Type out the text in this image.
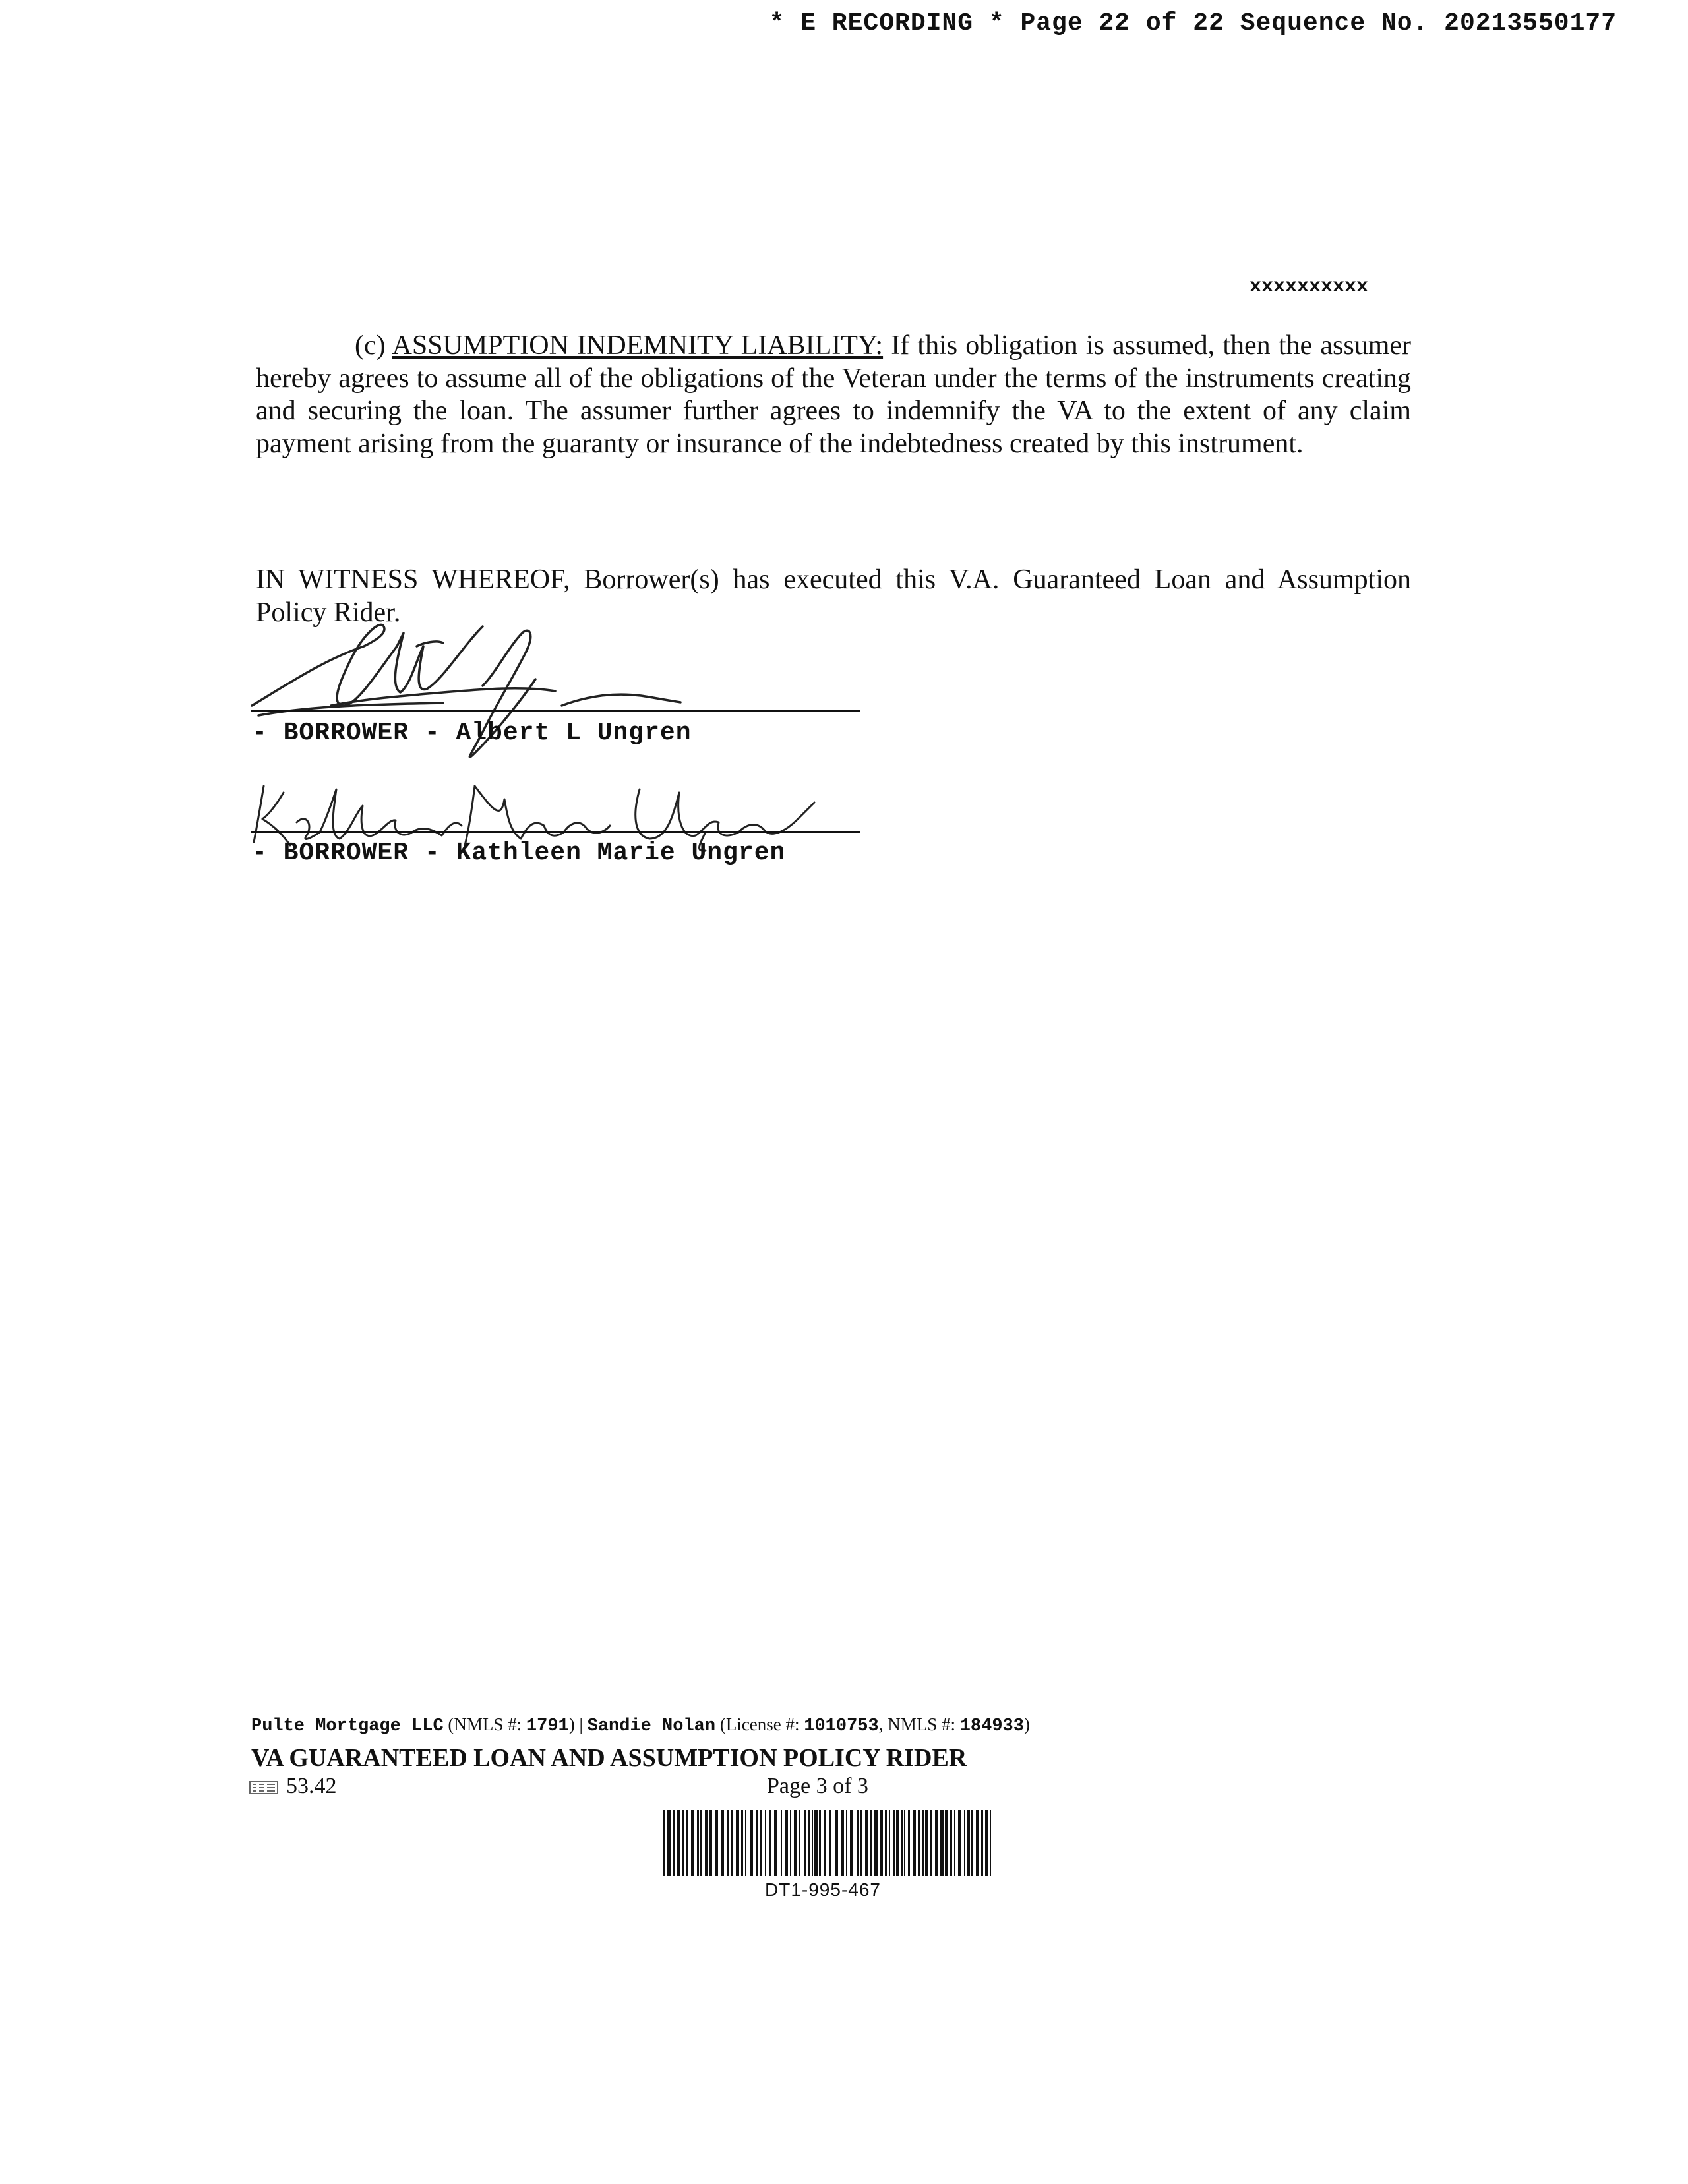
* E RECORDING * Page 22 of 22 Sequence No. 20213550177
xxxxxxxxxx
(c) ASSUMPTION INDEMNITY LIABILITY: If this obligation is assumed, then the assumer hereby agrees to assume all of the obligations of the Veteran under the terms of the instruments creating and securing the loan. The assumer further agrees to indemnify the VA to the extent of any claim payment arising from the guaranty or insurance of the indebtedness created by this instrument.
IN WITNESS WHEREOF, Borrower(s) has executed this V.A. Guaranteed Loan and Assumption Policy Rider.
- BORROWER - Albert L Ungren
- BORROWER - Kathleen Marie Ungren
Pulte Mortgage LLC (NMLS #: 1791) | Sandie Nolan (License #: 1010753, NMLS #: 184933)
VA GUARANTEED LOAN AND ASSUMPTION POLICY RIDER
53.42	Page 3 of 3
DT1-995-467
